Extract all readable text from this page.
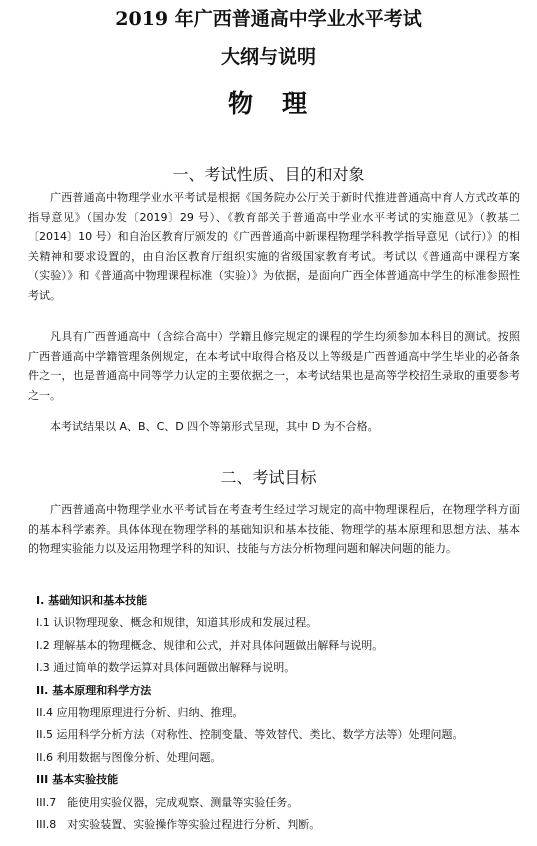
2019 年广西普通高中学业水平考试
大纲与说明
物　理
一、考试性质、目的和对象

广西普通高中物理学业水平考试是根据《国务院办公厅关于新时代推进普通高中育人方式改革的指导意见》（国办发〔2019〕29 号）、《教育部关于普通高中学业水平考试的实施意见》（教基二〔2014〕10 号）和自治区教育厅颁发的《广西普通高中新课程物理学科教学指导意见（试行）》的相关精神和要求设置的，由自治区教育厅组织实施的省级国家教育考试。考试以《普通高中课程方案（实验）》和《普通高中物理课程标准（实验）》为依据，是面向广西全体普通高中学生的标准参照性考试。

凡具有广西普通高中（含综合高中）学籍且修完规定的课程的学生均须参加本科目的测试。按照广西普通高中学籍管理条例规定，在本考试中取得合格及以上等级是广西普通高中学生毕业的必备条件之一，也是普通高中同等学力认定的主要依据之一，本考试结果也是高等学校招生录取的重要参考之一。

本考试结果以 A、B、C、D 四个等第形式呈现，其中 D 为不合格。

二、考试目标

广西普通高中物理学业水平考试旨在考查考生经过学习规定的高中物理课程后，在物理学科方面的基本科学素养。具体体现在物理学科的基础知识和基本技能、物理学的基本原理和思想方法、基本的物理实验能力以及运用物理学科的知识、技能与方法分析物理问题和解决问题的能力。

I. 基础知识和基本技能
I.1 认识物理现象、概念和规律，知道其形成和发展过程。
I.2 理解基本的物理概念、规律和公式，并对具体问题做出解释与说明。
I.3 通过简单的数学运算对具体问题做出解释与说明。
II. 基本原理和科学方法
II.4 应用物理原理进行分析、归纳、推理。
II.5 运用科学分析方法（对称性、控制变量、等效替代、类比、数学方法等）处理问题。
II.6 利用数据与图像分析、处理问题。
III 基本实验技能
III.7　能使用实验仪器，完成观察、测量等实验任务。
III.8　对实验装置、实验操作等实验过程进行分析、判断。
